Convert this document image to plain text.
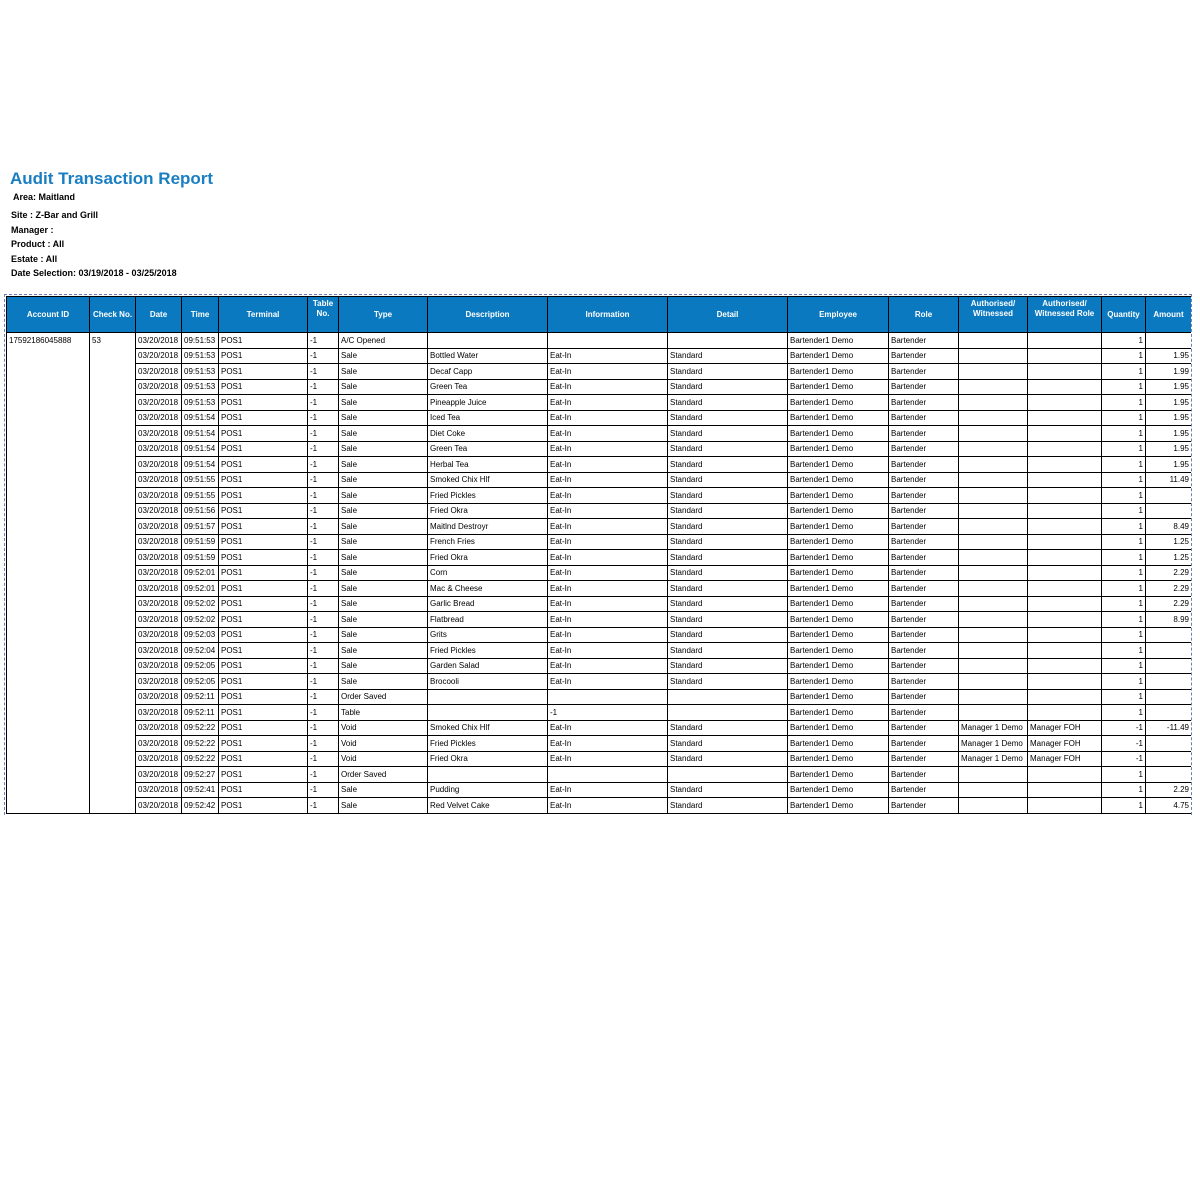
Audit Transaction Report
Area: Maitland
Site : Z-Bar and Grill
Manager :
Product : All
Estate : All
Date Selection: 03/19/2018 - 03/25/2018
Account ID	Check No.	Date	Time	Terminal	Table No.	Type	Description	Information	Detail	Employee	Role	Authorised/ Witnessed	Authorised/ Witnessed Role	Quantity	Amount
17592186045888	53	03/20/2018	09:51:53	POS1	-1	A/C Opened				Bartender1 Demo	Bartender			1	
		03/20/2018	09:51:53	POS1	-1	Sale	Bottled Water	Eat-In	Standard	Bartender1 Demo	Bartender			1	1.95
		03/20/2018	09:51:53	POS1	-1	Sale	Decaf Capp	Eat-In	Standard	Bartender1 Demo	Bartender			1	1.99
		03/20/2018	09:51:53	POS1	-1	Sale	Green Tea	Eat-In	Standard	Bartender1 Demo	Bartender			1	1.95
		03/20/2018	09:51:53	POS1	-1	Sale	Pineapple Juice	Eat-In	Standard	Bartender1 Demo	Bartender			1	1.95
		03/20/2018	09:51:54	POS1	-1	Sale	Iced Tea	Eat-In	Standard	Bartender1 Demo	Bartender			1	1.95
		03/20/2018	09:51:54	POS1	-1	Sale	Diet Coke	Eat-In	Standard	Bartender1 Demo	Bartender			1	1.95
		03/20/2018	09:51:54	POS1	-1	Sale	Green Tea	Eat-In	Standard	Bartender1 Demo	Bartender			1	1.95
		03/20/2018	09:51:54	POS1	-1	Sale	Herbal Tea	Eat-In	Standard	Bartender1 Demo	Bartender			1	1.95
		03/20/2018	09:51:55	POS1	-1	Sale	Smoked Chix Hlf	Eat-In	Standard	Bartender1 Demo	Bartender			1	11.49
		03/20/2018	09:51:55	POS1	-1	Sale	Fried Pickles	Eat-In	Standard	Bartender1 Demo	Bartender			1	
		03/20/2018	09:51:56	POS1	-1	Sale	Fried Okra	Eat-In	Standard	Bartender1 Demo	Bartender			1	
		03/20/2018	09:51:57	POS1	-1	Sale	Maitlnd Destroyr	Eat-In	Standard	Bartender1 Demo	Bartender			1	8.49
		03/20/2018	09:51:59	POS1	-1	Sale	French Fries	Eat-In	Standard	Bartender1 Demo	Bartender			1	1.25
		03/20/2018	09:51:59	POS1	-1	Sale	Fried Okra	Eat-In	Standard	Bartender1 Demo	Bartender			1	1.25
		03/20/2018	09:52:01	POS1	-1	Sale	Corn	Eat-In	Standard	Bartender1 Demo	Bartender			1	2.29
		03/20/2018	09:52:01	POS1	-1	Sale	Mac & Cheese	Eat-In	Standard	Bartender1 Demo	Bartender			1	2.29
		03/20/2018	09:52:02	POS1	-1	Sale	Garlic Bread	Eat-In	Standard	Bartender1 Demo	Bartender			1	2.29
		03/20/2018	09:52:02	POS1	-1	Sale	Flatbread	Eat-In	Standard	Bartender1 Demo	Bartender			1	8.99
		03/20/2018	09:52:03	POS1	-1	Sale	Grits	Eat-In	Standard	Bartender1 Demo	Bartender			1	
		03/20/2018	09:52:04	POS1	-1	Sale	Fried Pickles	Eat-In	Standard	Bartender1 Demo	Bartender			1	
		03/20/2018	09:52:05	POS1	-1	Sale	Garden Salad	Eat-In	Standard	Bartender1 Demo	Bartender			1	
		03/20/2018	09:52:05	POS1	-1	Sale	Brocooli	Eat-In	Standard	Bartender1 Demo	Bartender			1	
		03/20/2018	09:52:11	POS1	-1	Order Saved				Bartender1 Demo	Bartender			1	
		03/20/2018	09:52:11	POS1	-1	Table		-1		Bartender1 Demo	Bartender			1	
		03/20/2018	09:52:22	POS1	-1	Void	Smoked Chix Hlf	Eat-In	Standard	Bartender1 Demo	Bartender	Manager 1 Demo	Manager FOH	-1	-11.49
		03/20/2018	09:52:22	POS1	-1	Void	Fried Pickles	Eat-In	Standard	Bartender1 Demo	Bartender	Manager 1 Demo	Manager FOH	-1	
		03/20/2018	09:52:22	POS1	-1	Void	Fried Okra	Eat-In	Standard	Bartender1 Demo	Bartender	Manager 1 Demo	Manager FOH	-1	
		03/20/2018	09:52:27	POS1	-1	Order Saved				Bartender1 Demo	Bartender			1	
		03/20/2018	09:52:41	POS1	-1	Sale	Pudding	Eat-In	Standard	Bartender1 Demo	Bartender			1	2.29
		03/20/2018	09:52:42	POS1	-1	Sale	Red Velvet Cake	Eat-In	Standard	Bartender1 Demo	Bartender			1	4.75
